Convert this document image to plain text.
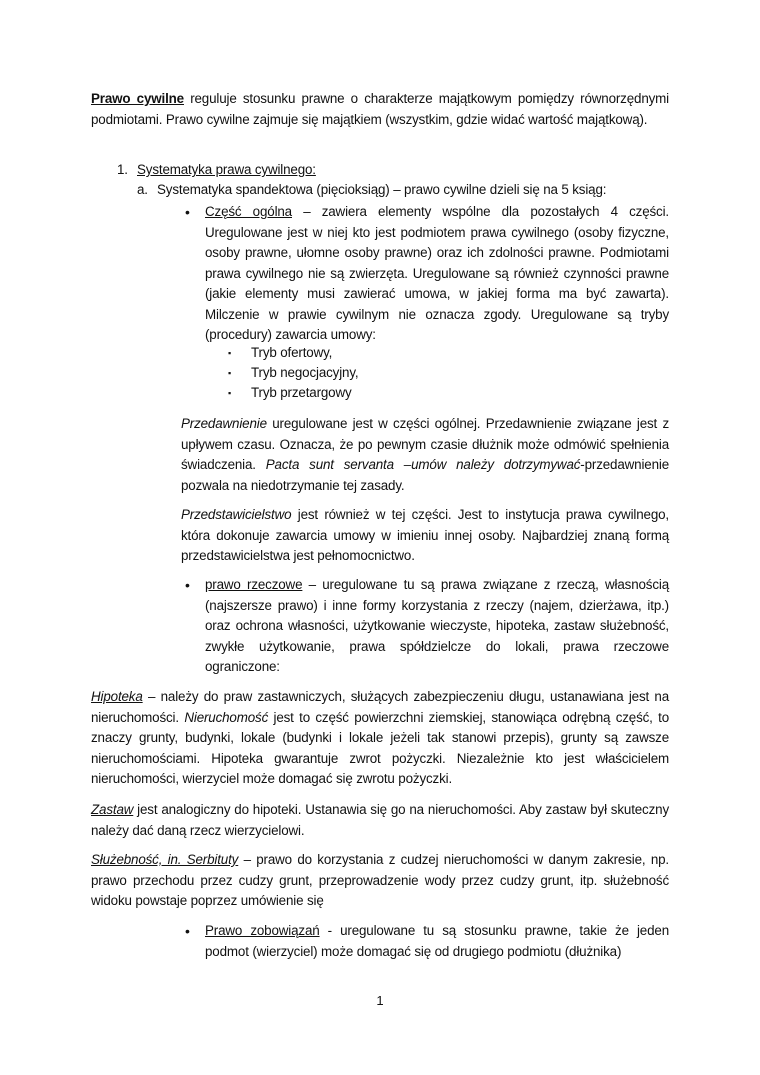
Prawo cywilne reguluje stosunku prawne o charakterze majątkowym pomiędzy równorzędnymi podmiotami. Prawo cywilne zajmuje się majątkiem (wszystkim, gdzie widać wartość majątkową).

1. Systematyka prawa cywilnego:
a. Systematyka spandektowa (pięcioksiąg) – prawo cywilne dzieli się na 5 ksiąg:
• Część ogólna – zawiera elementy wspólne dla pozostałych 4 części. Uregulowane jest w niej kto jest podmiotem prawa cywilnego (osoby fizyczne, osoby prawne, ułomne osoby prawne) oraz ich zdolności prawne. Podmiotami prawa cywilnego nie są zwierzęta. Uregulowane są również czynności prawne (jakie elementy musi zawierać umowa, w jakiej forma ma być zawarta). Milczenie w prawie cywilnym nie oznacza zgody. Uregulowane są tryby (procedury) zawarcia umowy:

▪ Tryb ofertowy,
▪ Tryb negocjacyjny,
▪ Tryb przetargowy

Przedawnienie uregulowane jest w części ogólnej. Przedawnienie związane jest z upływem czasu. Oznacza, że po pewnym czasie dłużnik może odmówić spełnienia świadczenia. Pacta sunt servanta –umów należy dotrzymywać-przedawnienie pozwala na niedotrzymanie tej zasady.

Przedstawicielstwo jest również w tej części. Jest to instytucja prawa cywilnego, która dokonuje zawarcia umowy w imieniu innej osoby. Najbardziej znaną formą przedstawicielstwa jest pełnomocnictwo.

• prawo rzeczowe – uregulowane tu są prawa związane z rzeczą, własnością (najszersze prawo) i inne formy korzystania z rzeczy (najem, dzierżawa, itp.) oraz ochrona własności, użytkowanie wieczyste, hipoteka, zastaw służebność, zwykłe użytkowanie, prawa spółdzielcze do lokali, prawa rzeczowe ograniczone:

Hipoteka – należy do praw zastawniczych, służących zabezpieczeniu długu, ustanawiana jest na nieruchomości. Nieruchomość jest to część powierzchni ziemskiej, stanowiąca odrębną część, to znaczy grunty, budynki, lokale (budynki i lokale jeżeli tak stanowi przepis), grunty są zawsze nieruchomościami. Hipoteka gwarantuje zwrot pożyczki. Niezależnie kto jest właścicielem nieruchomości, wierzyciel może domagać się zwrotu pożyczki.

Zastaw jest analogiczny do hipoteki. Ustanawia się go na nieruchomości. Aby zastaw był skuteczny należy dać daną rzecz wierzycielowi.

Służebność, in. Serbituty – prawo do korzystania z cudzej nieruchomości w danym zakresie, np. prawo przechodu przez cudzy grunt, przeprowadzenie wody przez cudzy grunt, itp. służebność widoku powstaje poprzez umówienie się

• Prawo zobowiązań - uregulowane tu są stosunku prawne, takie że jeden podmot (wierzyciel) może domagać się od drugiego podmiotu (dłużnika)

1
